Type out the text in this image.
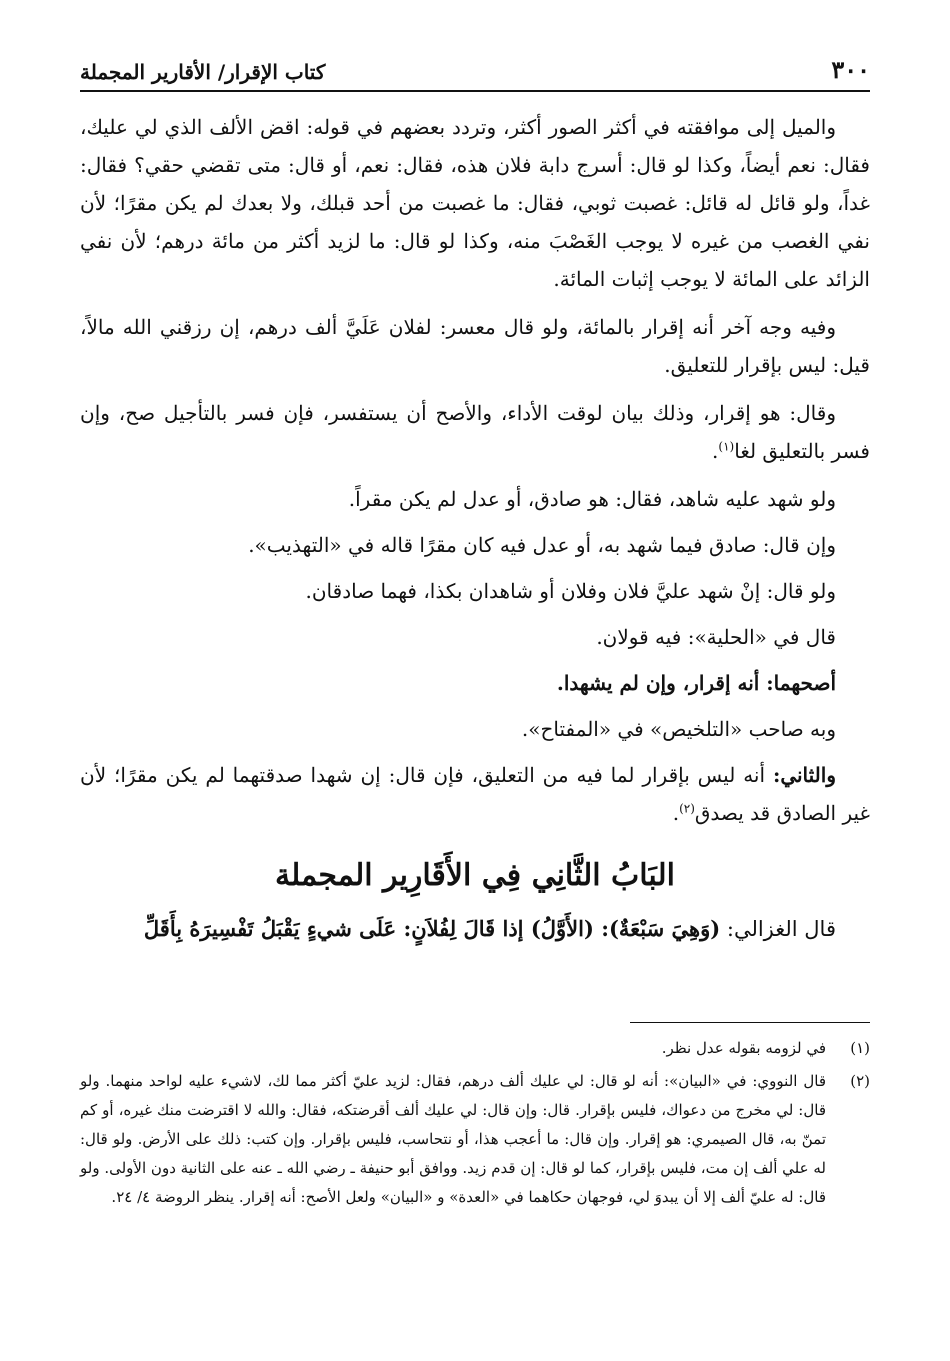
٣٠٠
كتاب الإقرار/ الأقارير المجملة

والميل إلى موافقته في أكثر الصور أكثر، وتردد بعضهم في قوله: اقض الألف الذي لي عليك، فقال: نعم أيضاً، وكذا لو قال: أسرج دابة فلان هذه، فقال: نعم، أو قال: متى تقضي حقي؟ فقال: غداً، ولو قائل له قائل: غصبت ثوبي، فقال: ما غصبت من أحد قبلك، ولا بعدك لم يكن مقرًا؛ لأن نفي الغصب من غيره لا يوجب الغَصْبَ منه، وكذا لو قال: ما لزيد أكثر من مائة درهم؛ لأن نفي الزائد على المائة لا يوجب إثبات المائة.

وفيه وجه آخر أنه إقرار بالمائة، ولو قال معسر: لفلان عَلَيَّ ألف درهم، إن رزقني الله مالاً، قيل: ليس بإقرار للتعليق.

وقال: هو إقرار، وذلك بيان لوقت الأداء، والأصح أن يستفسر، فإن فسر بالتأجيل صح، وإن فسر بالتعليق لغا$^{(١)}$.

ولو شهد عليه شاهد، فقال: هو صادق، أو عدل لم يكن مقراً.

وإن قال: صادق فيما شهد به، أو عدل فيه كان مقرًا قاله في «التهذيب».

ولو قال: إنْ شهد عليَّ فلان وفلان أو شاهدان بكذا، فهما صادقان.

قال في «الحلية»: فيه قولان.

أصحهما: أنه إقرار، وإن لم يشهدا.

وبه صاحب «التلخيص» في «المفتاح».

والثاني: أنه ليس بإقرار لما فيه من التعليق، فإن قال: إن شهدا صدقتهما لم يكن مقرًا؛ لأن غير الصادق قد يصدق$^{(٢)}$.

البَابُ الثَّانِي فِي الأَقَارِير المجملة

قال الغزالي: (وَهِيَ سَبْعَةٌ): (الأَوَّلُ) إذا قَالَ لِفُلاَنٍ: عَلَى شيءٍ يَقْبَلُ تَفْسِيرَهُ بِأَقَلِّ

(١)
في لزومه بقوله عدل نظر.
(٢)
قال النووي: في «البيان»: أنه لو قال: لي عليك ألف درهم، فقال: لزيد عليّ أكثر مما لك، لاشيء عليه لواحد منهما. ولو قال: لي مخرج من دعواك، فليس بإقرار. قال: وإن قال: لي عليك ألف أقرضتكه، فقال: والله لا اقترضت منك غيره، أو كم تمنّ به، قال الصيمري: هو إقرار. وإن قال: ما أعجب هذا، أو نتحاسب، فليس بإقرار. وإن كتب: ذلك على الأرض. ولو قال: له علي ألف إن مت، فليس بإقرار، كما لو قال: إن قدم زيد. ووافق أبو حنيفة ـ رضي الله ـ عنه على الثانية دون الأولى. ولو قال: له عليّ ألف إلا أن يبدوَ لي، فوجهان حكاهما في «العدة» و «البيان» ولعل الأصح: أنه إقرار. ينظر الروضة ٤/ ٢٤.
